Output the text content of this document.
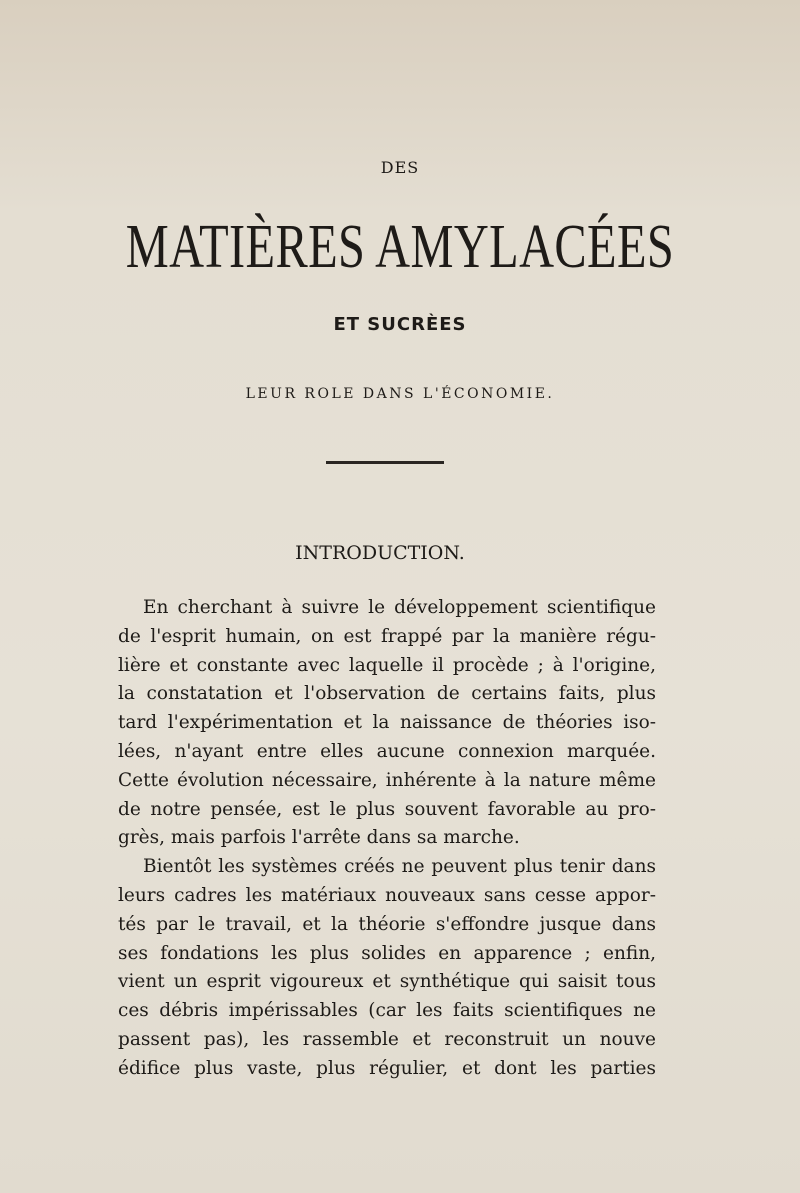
DES
MATIÈRES AMYLACÉES
ET SUCRÈES
LEUR ROLE DANS L'ÉCONOMIE.
INTRODUCTION.
En cherchant à suivre le développement scientifique
de l'esprit humain, on est frappé par la manière régu-
lière et constante avec laquelle il procède ; à l'origine,
la constatation et l'observation de certains faits, plus
tard l'expérimentation et la naissance de théories iso-
lées, n'ayant entre elles aucune connexion marquée.
Cette évolution nécessaire, inhérente à la nature même
de notre pensée, est le plus souvent favorable au pro-
grès, mais parfois l'arrête dans sa marche.
Bientôt les systèmes créés ne peuvent plus tenir dans
leurs cadres les matériaux nouveaux sans cesse appor-
tés par le travail, et la théorie s'effondre jusque dans
ses fondations les plus solides en apparence ; enfin,
vient un esprit vigoureux et synthétique qui saisit tous
ces débris impérissables (car les faits scientifiques ne
passent pas), les rassemble et reconstruit un nouve
édifice plus vaste, plus régulier, et dont les parties
